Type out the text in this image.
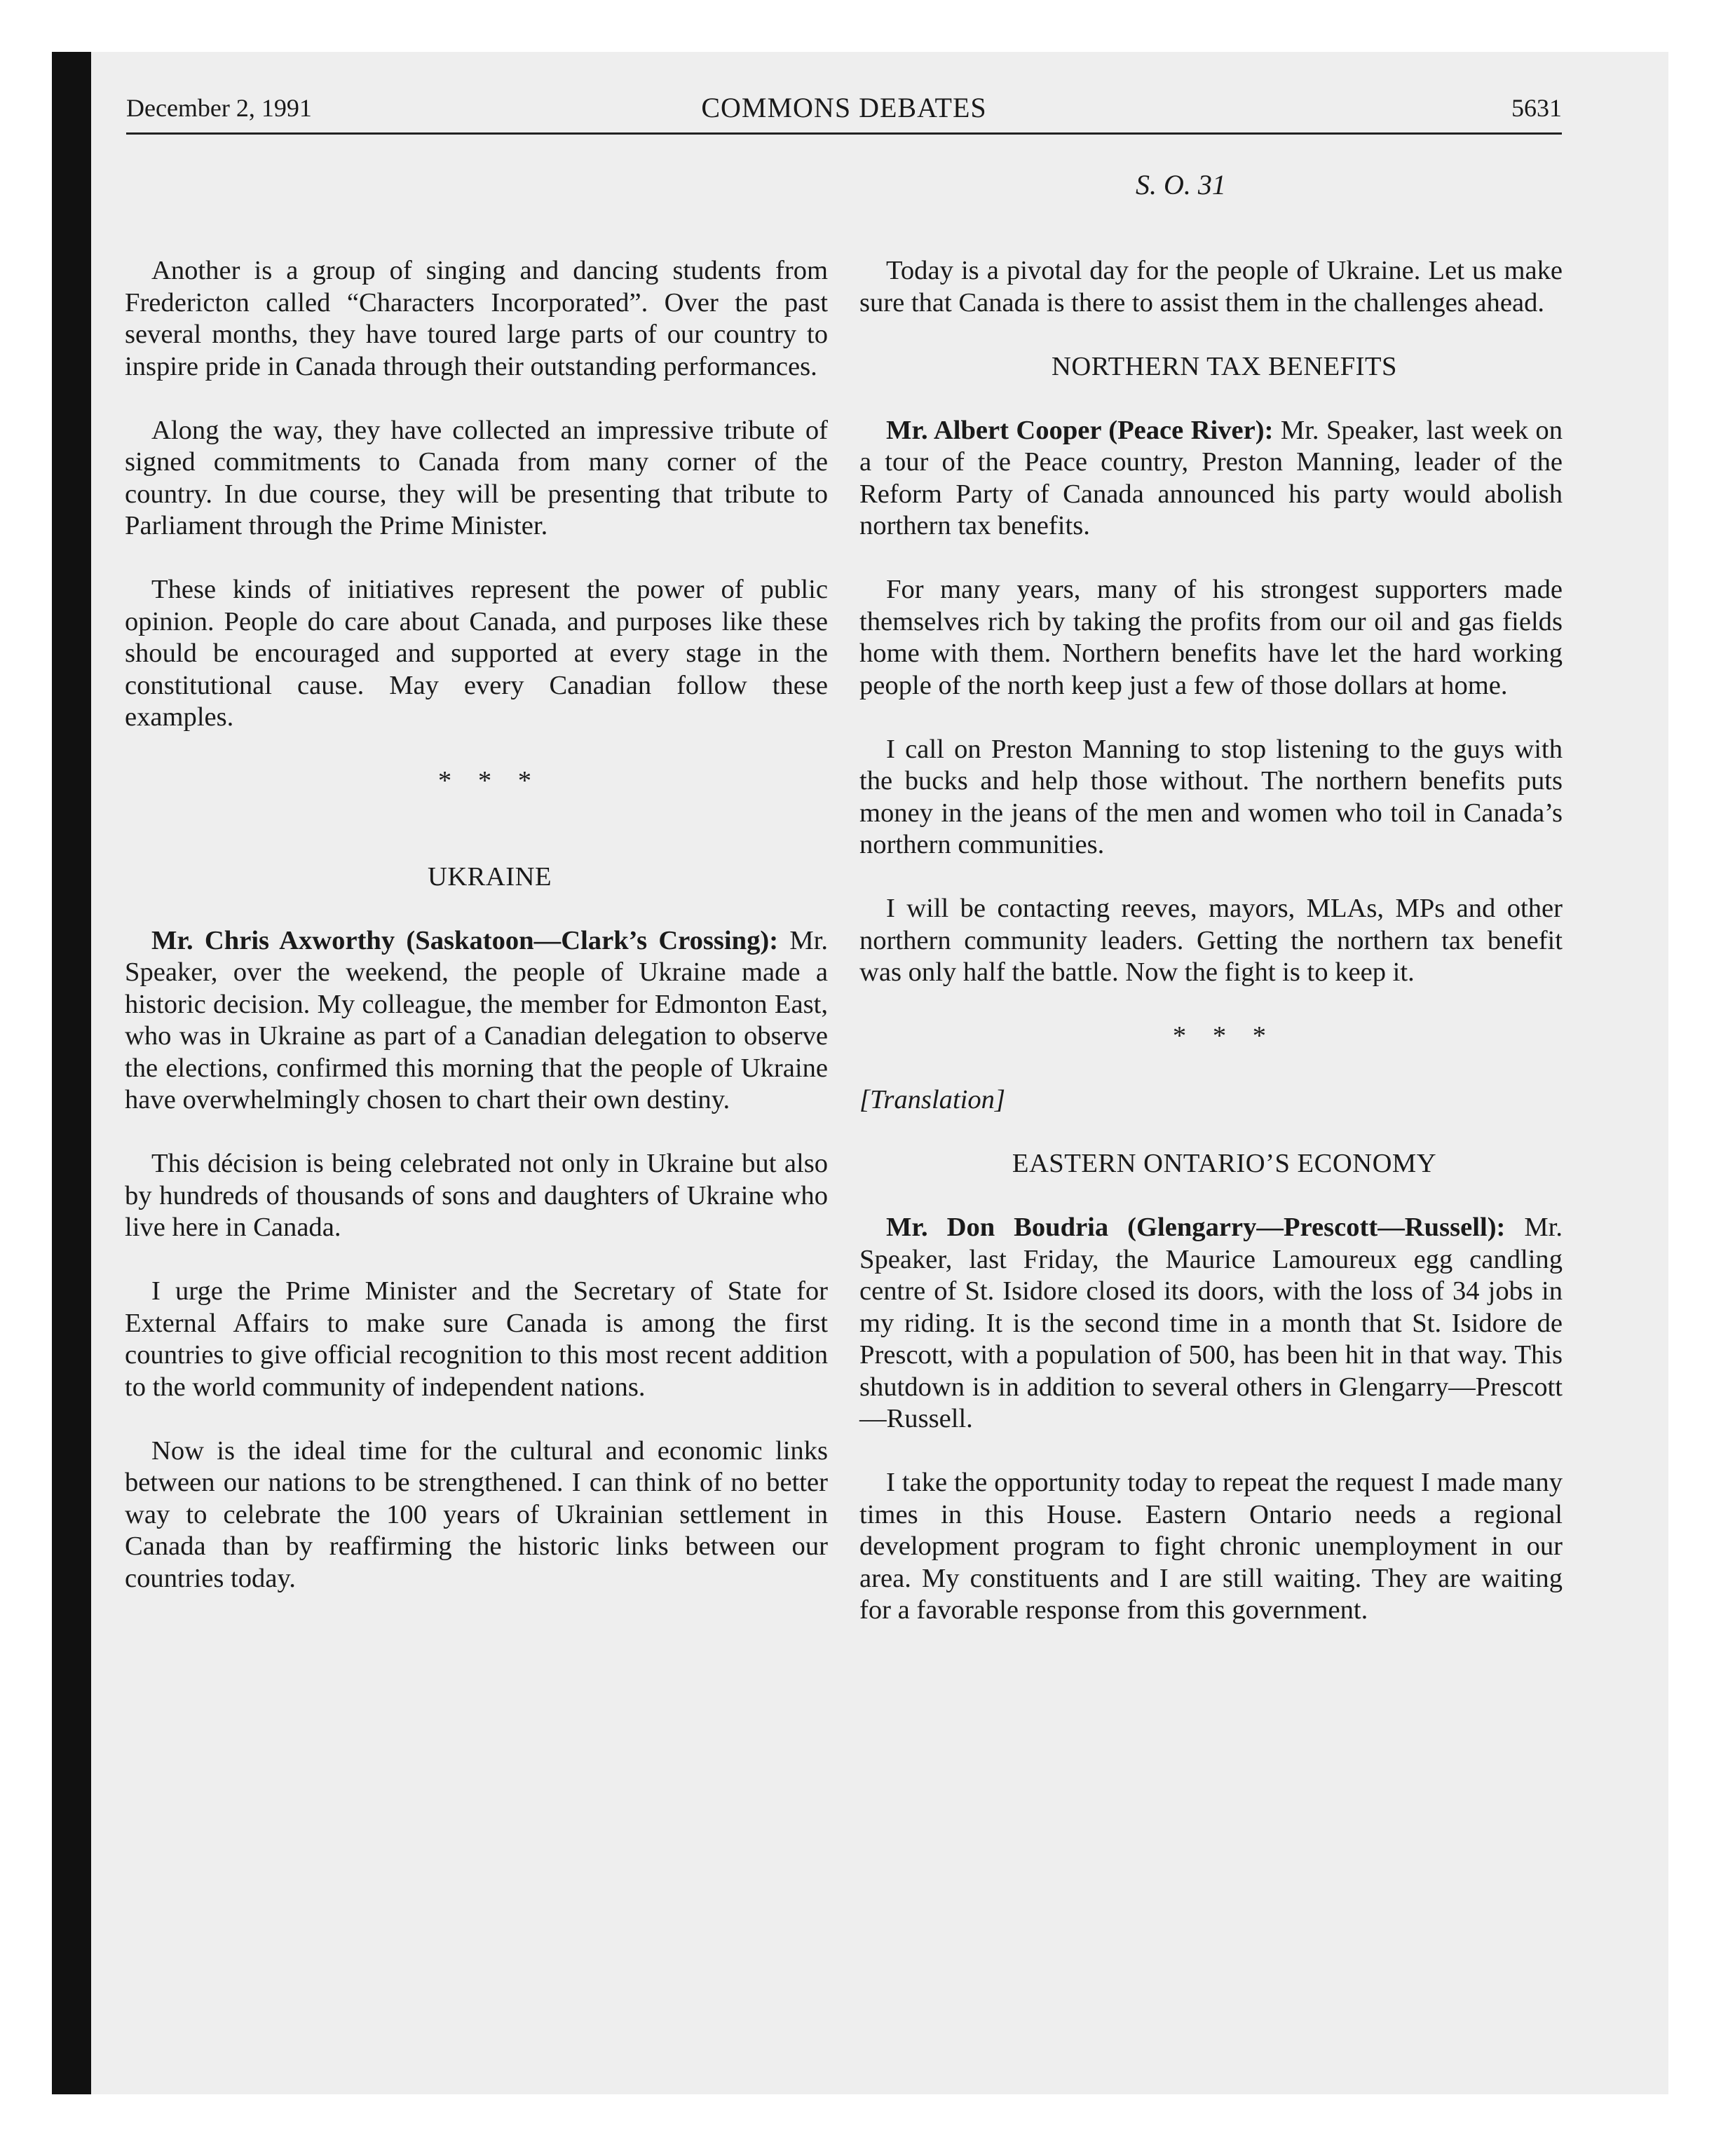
December 2, 1991	COMMONS DEBATES	5631
S. O. 31

Another is a group of singing and dancing students from Fredericton called “Characters Incorporated”. Over the past several months, they have toured large parts of our country to inspire pride in Canada through their outstanding performances.

Along the way, they have collected an impressive tribute of signed commitments to Canada from many corner of the country. In due course, they will be presenting that tribute to Parliament through the Prime Minister.

These kinds of initiatives represent the power of public opinion. People do care about Canada, and purposes like these should be encouraged and supported at every stage in the constitutional cause. May every Canadian follow these examples.

* * *

UKRAINE

Mr. Chris Axworthy (Saskatoon—Clark’s Crossing): Mr. Speaker, over the weekend, the people of Ukraine made a historic decision. My colleague, the member for Edmonton East, who was in Ukraine as part of a Canadian delegation to observe the elections, confirmed this morning that the people of Ukraine have overwhelmingly chosen to chart their own destiny.

This décision is being celebrated not only in Ukraine but also by hundreds of thousands of sons and daughters of Ukraine who live here in Canada.

I urge the Prime Minister and the Secretary of State for External Affairs to make sure Canada is among the first countries to give official recognition to this most recent addition to the world community of independent nations.

Now is the ideal time for the cultural and economic links between our nations to be strengthened. I can think of no better way to celebrate the 100 years of Ukrainian settlement in Canada than by reaffirming the historic links between our countries today.

Today is a pivotal day for the people of Ukraine. Let us make sure that Canada is there to assist them in the challenges ahead.

NORTHERN TAX BENEFITS

Mr. Albert Cooper (Peace River): Mr. Speaker, last week on a tour of the Peace country, Preston Manning, leader of the Reform Party of Canada announced his party would abolish northern tax benefits.

For many years, many of his strongest supporters made themselves rich by taking the profits from our oil and gas fields home with them. Northern benefits have let the hard working people of the north keep just a few of those dollars at home.

I call on Preston Manning to stop listening to the guys with the bucks and help those without. The northern benefits puts money in the jeans of the men and women who toil in Canada’s northern communities.

I will be contacting reeves, mayors, MLAs, MPs and other northern community leaders. Getting the northern tax benefit was only half the battle. Now the fight is to keep it.

* * *

[Translation]

EASTERN ONTARIO’S ECONOMY

Mr. Don Boudria (Glengarry—Prescott—Russell): Mr. Speaker, last Friday, the Maurice Lamoureux egg candling centre of St. Isidore closed its doors, with the loss of 34 jobs in my riding. It is the second time in a month that St. Isidore de Prescott, with a population of 500, has been hit in that way. This shutdown is in addition to several others in Glengarry—Prescott—Russell.

I take the opportunity today to repeat the request I made many times in this House. Eastern Ontario needs a regional development program to fight chronic unemployment in our area. My constituents and I are still waiting. They are waiting for a favorable response from this government.
